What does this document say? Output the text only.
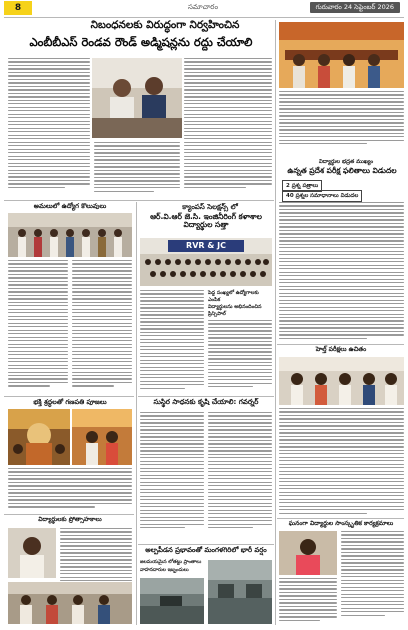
8	సమాచారం	గురువారం 24 సెప్టెంబర్ 2026
నిబంధనలకు విరుద్ధంగా నిర్వహించిన
ఎంబీబీఎస్ రెండవ రౌండ్ అడ్మిషన్లను రద్దు చేయాలి
విద్యార్థుల భద్రత ముఖ్యం
ఉన్నత ప్రదేశ పరీక్ష ఫలితాలు విడుదల
2 ప్రశ్న పత్రాలు
40 ప్రశ్నల సమాధానాలు విడుదల
అమలులో ఉద్యోగ కొలువులు
భక్తి శ్రద్ధలతో గణపతి పూజలు
విద్యార్థులకు ప్రోత్సాహకాలు
క్యాంపస్ సెలక్షన్స్ లో
ఆర్.వి.ఆర్ జె.సి. ఇంజినీరింగ్ కళాశాల విద్యార్థుల సత్తా
RVR & JC
పెద్ద సంఖ్యలో ఉద్యోగాలకు ఎంపిక
విద్యార్థులను అభినందించిన ప్రిన్సిపాల్
సుస్థిర సాధనకు కృషి చేయాలి: గవర్నర్
అల్పపీడన ప్రభావంతో మంగళగిరిలో భారీ వర్షం
జలమయమైన లోతట్టు ప్రాంతాలు
వాహనదారుల ఇబ్బందులు
హెల్త్ పరీక్షలు ఉచితం
ఘనంగా విద్యార్థుల సాంస్కృతిక కార్యక్రమాలు
